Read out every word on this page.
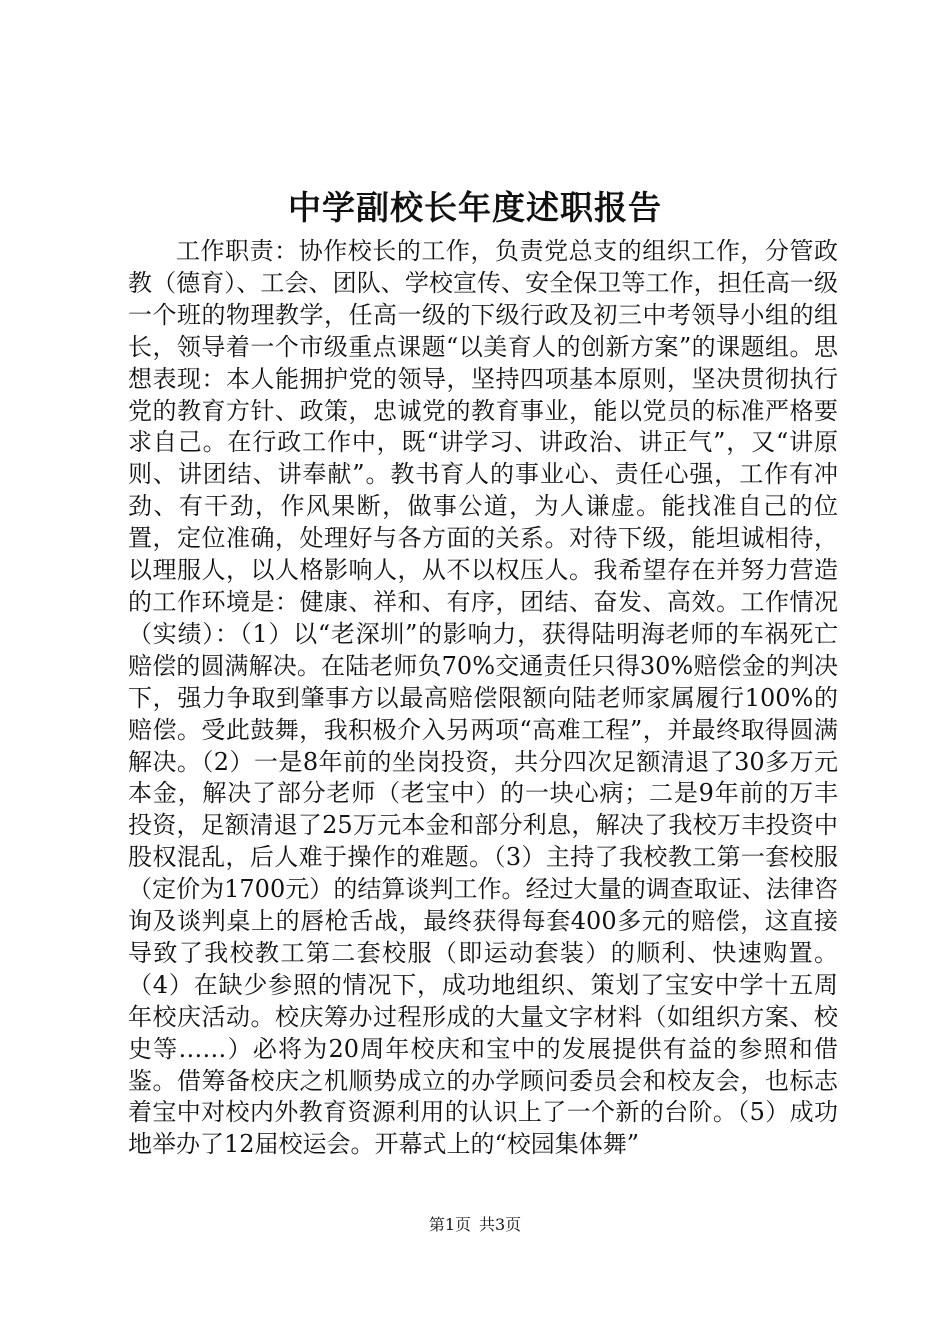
中学副校长年度述职报告

工作职责：协作校长的工作，负责党总支的组织工作，分管政教（德育）、工会、团队、学校宣传、安全保卫等工作，担任高一级一个班的物理教学，任高一级的下级行政及初三中考领导小组的组长，领导着一个市级重点课题“以美育人的创新方案”的课题组。思想表现：本人能拥护党的领导，坚持四项基本原则，坚决贯彻执行党的教育方针、政策，忠诚党的教育事业，能以党员的标准严格要求自己。在行政工作中，既“讲学习、讲政治、讲正气”，又“讲原则、讲团结、讲奉献”。教书育人的事业心、责任心强，工作有冲劲、有干劲，作风果断，做事公道，为人谦虚。能找准自己的位置，定位准确，处理好与各方面的关系。对待下级，能坦诚相待，以理服人，以人格影响人，从不以权压人。我希望存在并努力营造的工作环境是：健康、祥和、有序，团结、奋发、高效。工作情况（实绩）：（1）以“老深圳”的影响力，获得陆明海老师的车祸死亡赔偿的圆满解决。在陆老师负70%交通责任只得30%赔偿金的判决下，强力争取到肇事方以最高赔偿限额向陆老师家属履行100%的赔偿。受此鼓舞，我积极介入另两项“高难工程”，并最终取得圆满解决。（2）一是8年前的坐岗投资，共分四次足额清退了30多万元本金，解决了部分老师（老宝中）的一块心病；二是9年前的万丰投资，足额清退了25万元本金和部分利息，解决了我校万丰投资中股权混乱，后人难于操作的难题。（3）主持了我校教工第一套校服（定价为1700元）的结算谈判工作。经过大量的调查取证、法律咨询及谈判桌上的唇枪舌战，最终获得每套400多元的赔偿，这直接导致了我校教工第二套校服（即运动套装）的顺利、快速购置。（4）在缺少参照的情况下，成功地组织、策划了宝安中学十五周年校庆活动。校庆筹办过程形成的大量文字材料（如组织方案、校史等……）必将为20周年校庆和宝中的发展提供有益的参照和借鉴。借筹备校庆之机顺势成立的办学顾问委员会和校友会，也标志着宝中对校内外教育资源利用的认识上了一个新的台阶。（5）成功地举办了12届校运会。开幕式上的“校园集体舞”

第1页 共3页
